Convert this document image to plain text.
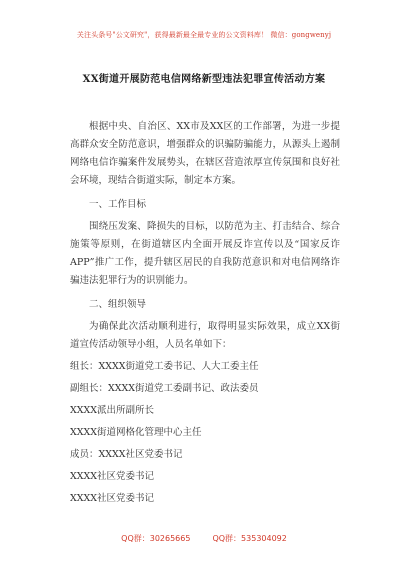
关注头条号"公文研究"，获得最新最全最专业的公文资料库！ 微信：gongwenyj
XX街道开展防范电信网络新型违法犯罪宣传活动方案

根据中央、自治区、XX市及XX区的工作部署，为进一步提高群众安全防范意识，增强群众的识骗防骗能力，从源头上遏制网络电信诈骗案件发展势头，在辖区营造浓厚宣传氛围和良好社会环境，现结合街道实际，制定本方案。

一、工作目标

围绕压发案、降损失的目标，以防范为主、打击结合、综合施策等原则，在街道辖区内全面开展反诈宣传以及“国家反诈APP”推广工作，提升辖区居民的自我防范意识和对电信网络诈骗违法犯罪行为的识别能力。

二、组织领导

为确保此次活动顺利进行，取得明显实际效果，成立XX街道宣传活动领导小组，人员名单如下：

组长：XXXX街道党工委书记、人大工委主任

副组长：XXXX街道党工委副书记、政法委员

XXXX派出所副所长

XXXX街道网格化管理中心主任

成员：XXXX社区党委书记

XXXX社区党委书记

XXXX社区党委书记

QQ群：30265665	QQ群：535304092
